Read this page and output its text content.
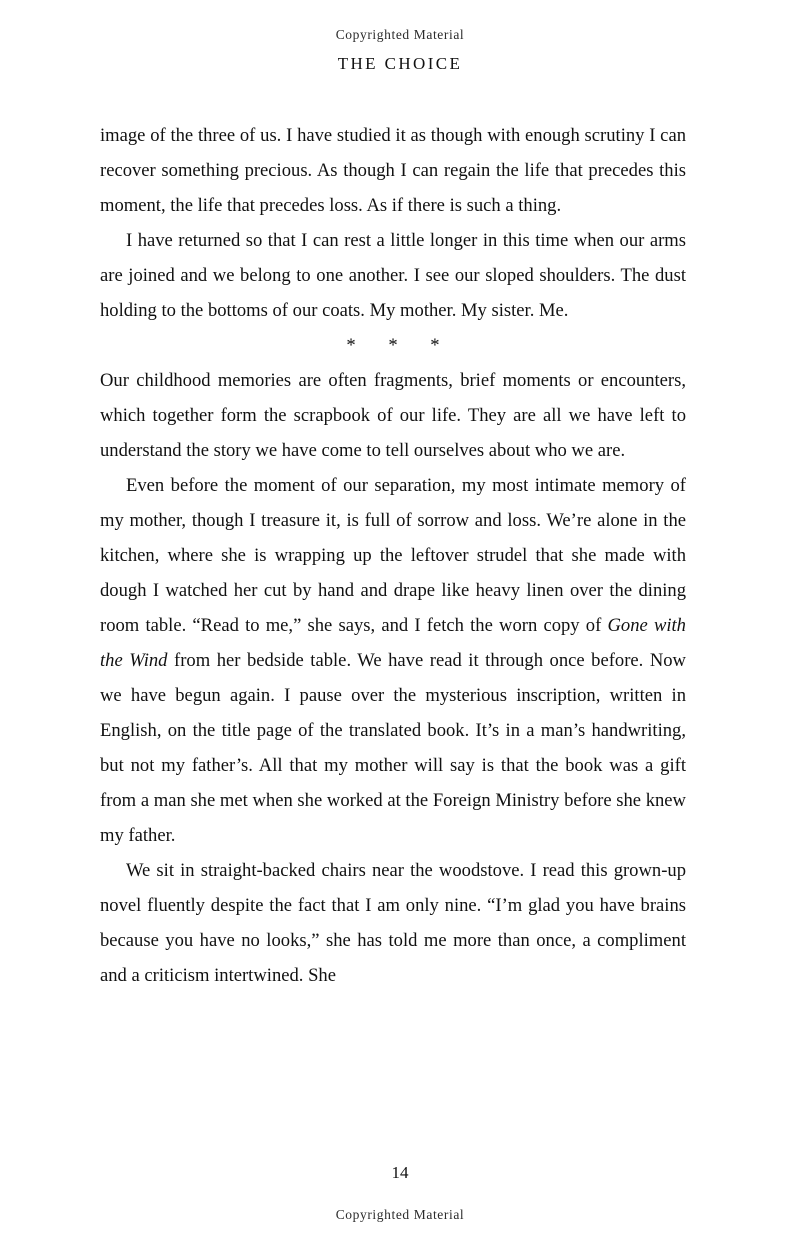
Copyrighted Material
THE CHOICE

image of the three of us. I have studied it as though with enough scrutiny I can recover something precious. As though I can regain the life that precedes this moment, the life that precedes loss. As if there is such a thing.

I have returned so that I can rest a little longer in this time when our arms are joined and we belong to one another. I see our sloped shoulders. The dust holding to the bottoms of our coats. My mother. My sister. Me.

* * *

Our childhood memories are often fragments, brief moments or encounters, which together form the scrapbook of our life. They are all we have left to understand the story we have come to tell ourselves about who we are.

Even before the moment of our separation, my most intimate memory of my mother, though I treasure it, is full of sorrow and loss. We’re alone in the kitchen, where she is wrapping up the leftover strudel that she made with dough I watched her cut by hand and drape like heavy linen over the dining room table. “Read to me,” she says, and I fetch the worn copy of Gone with the Wind from her bedside table. We have read it through once before. Now we have begun again. I pause over the mysterious inscription, written in English, on the title page of the translated book. It’s in a man’s handwriting, but not my father’s. All that my mother will say is that the book was a gift from a man she met when she worked at the Foreign Ministry before she knew my father.

We sit in straight-backed chairs near the woodstove. I read this grown-up novel fluently despite the fact that I am only nine. “I’m glad you have brains because you have no looks,” she has told me more than once, a compliment and a criticism intertwined. She

14
Copyrighted Material
